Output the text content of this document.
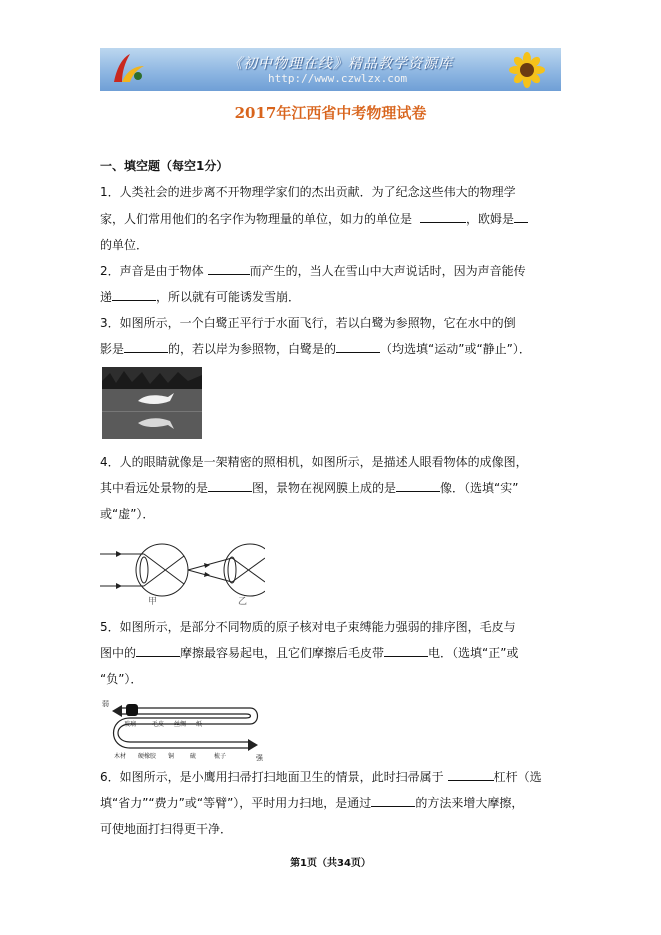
《初中物理在线》精品教学资源库
http://www.czwlzx.com
2017年江西省中考物理试卷
一、填空题（每空1分）
1．人类社会的进步离不开物理学家们的杰出贡献．为了纪念这些伟大的物理学
家，人们常用他们的名字作为物理量的单位，如力的单位是	，欧姆是
的单位．
2．声音是由于物体	而产生的，当人在雪山中大声说话时，因为声音能传
递	，所以就有可能诱发雪崩．
3．如图所示，一个白鹭正平行于水面飞行，若以白鹭为参照物，它在水中的倒
影是	的，若以岸为参照物，白鹭是的	（均选填“运动”或“静止”）．
4．人的眼睛就像是一架精密的照相机，如图所示，是描述人眼看物体的成像图，
其中看远处景物的是	图，景物在视网膜上成的是	像．（选填“实”
或“虚”）．
甲	乙
5．如图所示，是部分不同物质的原子核对电子束缚能力强弱的排序图，毛皮与
图中的	摩擦最容易起电，且它们摩擦后毛皮带	电．（选填“正”或
“负”）．
弱
强
玻璃	毛皮 丝绸 纸
木材 硬橡胶 铜	硫	梳子
6．如图所示，是小鹰用扫帚打扫地面卫生的情景，此时扫帚属于	杠杆（选
填“省力”“费力”或“等臂”），平时用力扫地，是通过	的方法来增大摩擦，
可使地面打扫得更干净．
第1页（共34页）
